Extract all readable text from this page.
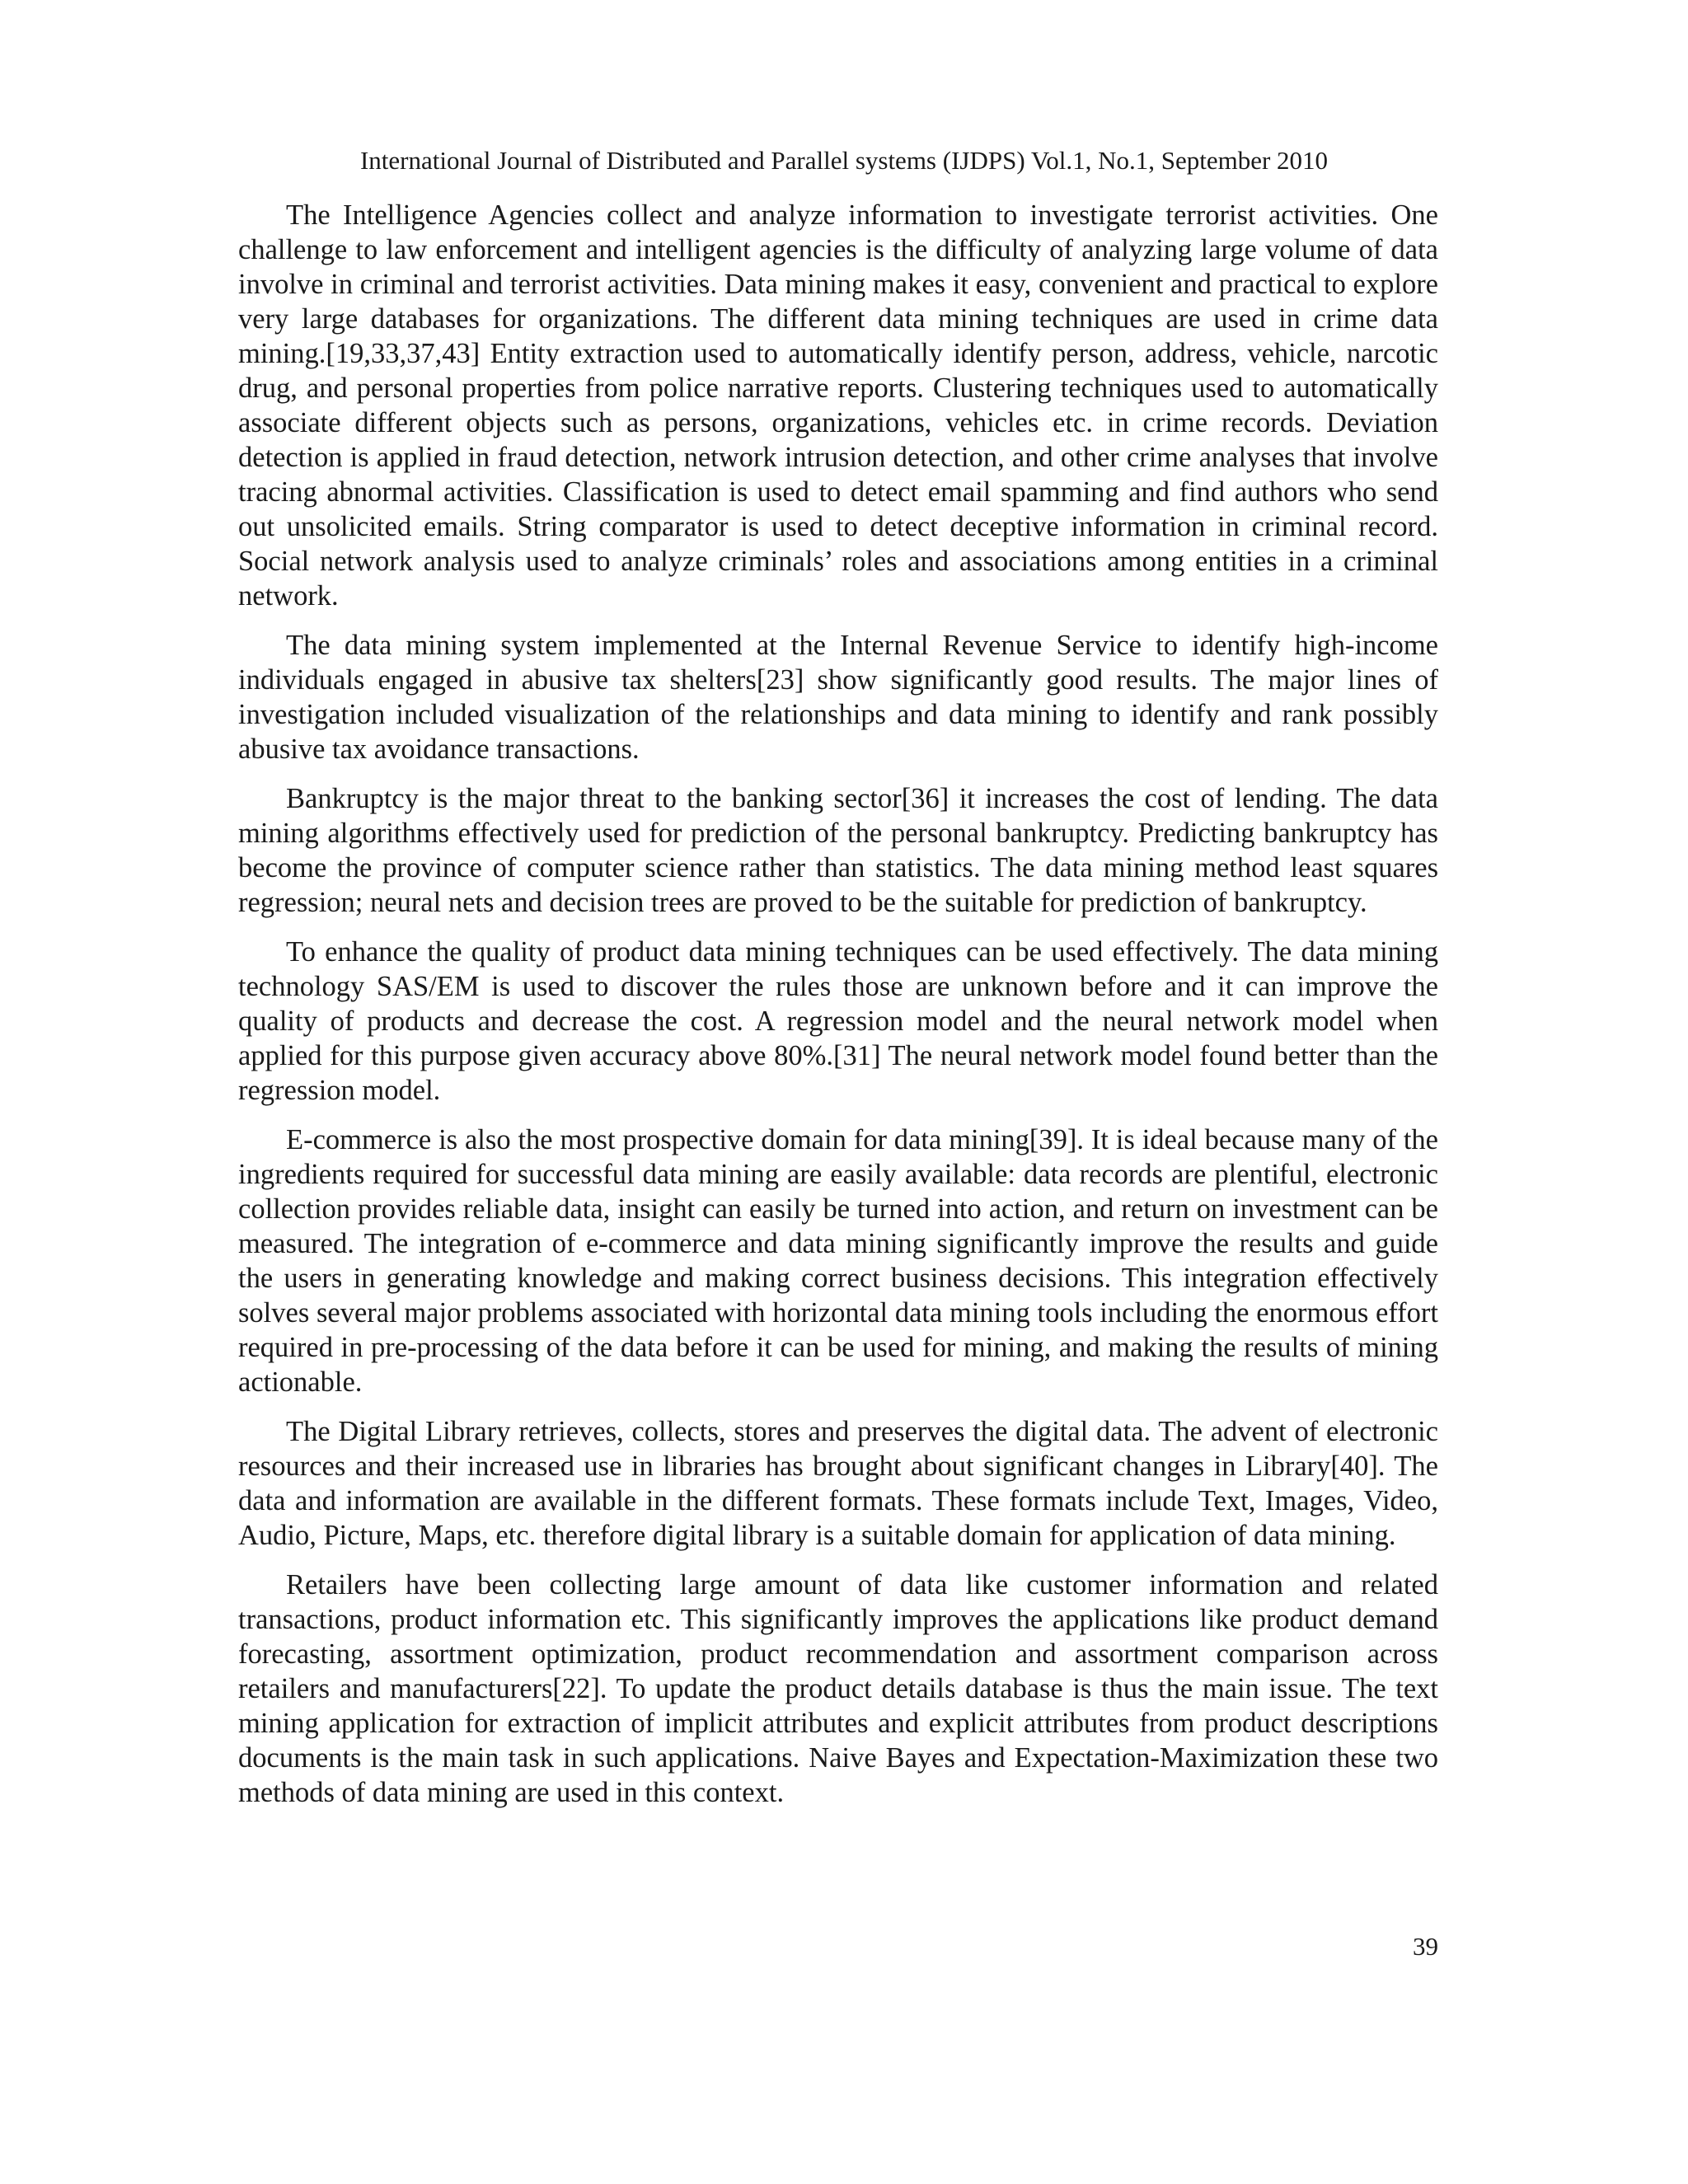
International Journal of Distributed and Parallel systems (IJDPS) Vol.1, No.1, September 2010

The Intelligence Agencies collect and analyze information to investigate terrorist activities. One challenge to law enforcement and intelligent agencies is the difficulty of analyzing large volume of data involve in criminal and terrorist activities. Data mining makes it easy, convenient and practical to explore very large databases for organizations. The different data mining techniques are used in crime data mining.[19,33,37,43] Entity extraction used to automatically identify person, address, vehicle, narcotic drug, and personal properties from police narrative reports. Clustering techniques used to automatically associate different objects such as persons, organizations, vehicles etc. in crime records. Deviation detection is applied in fraud detection, network intrusion detection, and other crime analyses that involve tracing abnormal activities. Classification is used to detect email spamming and find authors who send out unsolicited emails. String comparator is used to detect deceptive information in criminal record. Social network analysis used to analyze criminals’ roles and associations among entities in a criminal network.

The data mining system implemented at the Internal Revenue Service to identify high-income individuals engaged in abusive tax shelters[23] show significantly good results. The major lines of investigation included visualization of the relationships and data mining to identify and rank possibly abusive tax avoidance transactions.

Bankruptcy is the major threat to the banking sector[36] it increases the cost of lending. The data mining algorithms effectively used for prediction of the personal bankruptcy. Predicting bankruptcy has become the province of computer science rather than statistics. The data mining method least squares regression; neural nets and decision trees are proved to be the suitable for prediction of bankruptcy.

To enhance the quality of product data mining techniques can be used effectively. The data mining technology SAS/EM is used to discover the rules those are unknown before and it can improve the quality of products and decrease the cost. A regression model and the neural network model when applied for this purpose given accuracy above 80%.[31] The neural network model found better than the regression model.

E-commerce is also the most prospective domain for data mining[39]. It is ideal because many of the ingredients required for successful data mining are easily available: data records are plentiful, electronic collection provides reliable data, insight can easily be turned into action, and return on investment can be measured. The integration of e-commerce and data mining significantly improve the results and guide the users in generating knowledge and making correct business decisions. This integration effectively solves several major problems associated with horizontal data mining tools including the enormous effort required in pre-processing of the data before it can be used for mining, and making the results of mining actionable.

The Digital Library retrieves, collects, stores and preserves the digital data. The advent of electronic resources and their increased use in libraries has brought about significant changes in Library[40]. The data and information are available in the different formats. These formats include Text, Images, Video, Audio, Picture, Maps, etc. therefore digital library is a suitable domain for application of data mining.

Retailers have been collecting large amount of data like customer information and related transactions, product information etc. This significantly improves the applications like product demand forecasting, assortment optimization, product recommendation and assortment comparison across retailers and manufacturers[22]. To update the product details database is thus the main issue. The text mining application for extraction of implicit attributes and explicit attributes from product descriptions documents is the main task in such applications. Naive Bayes and Expectation-Maximization these two methods of data mining are used in this context.

39
